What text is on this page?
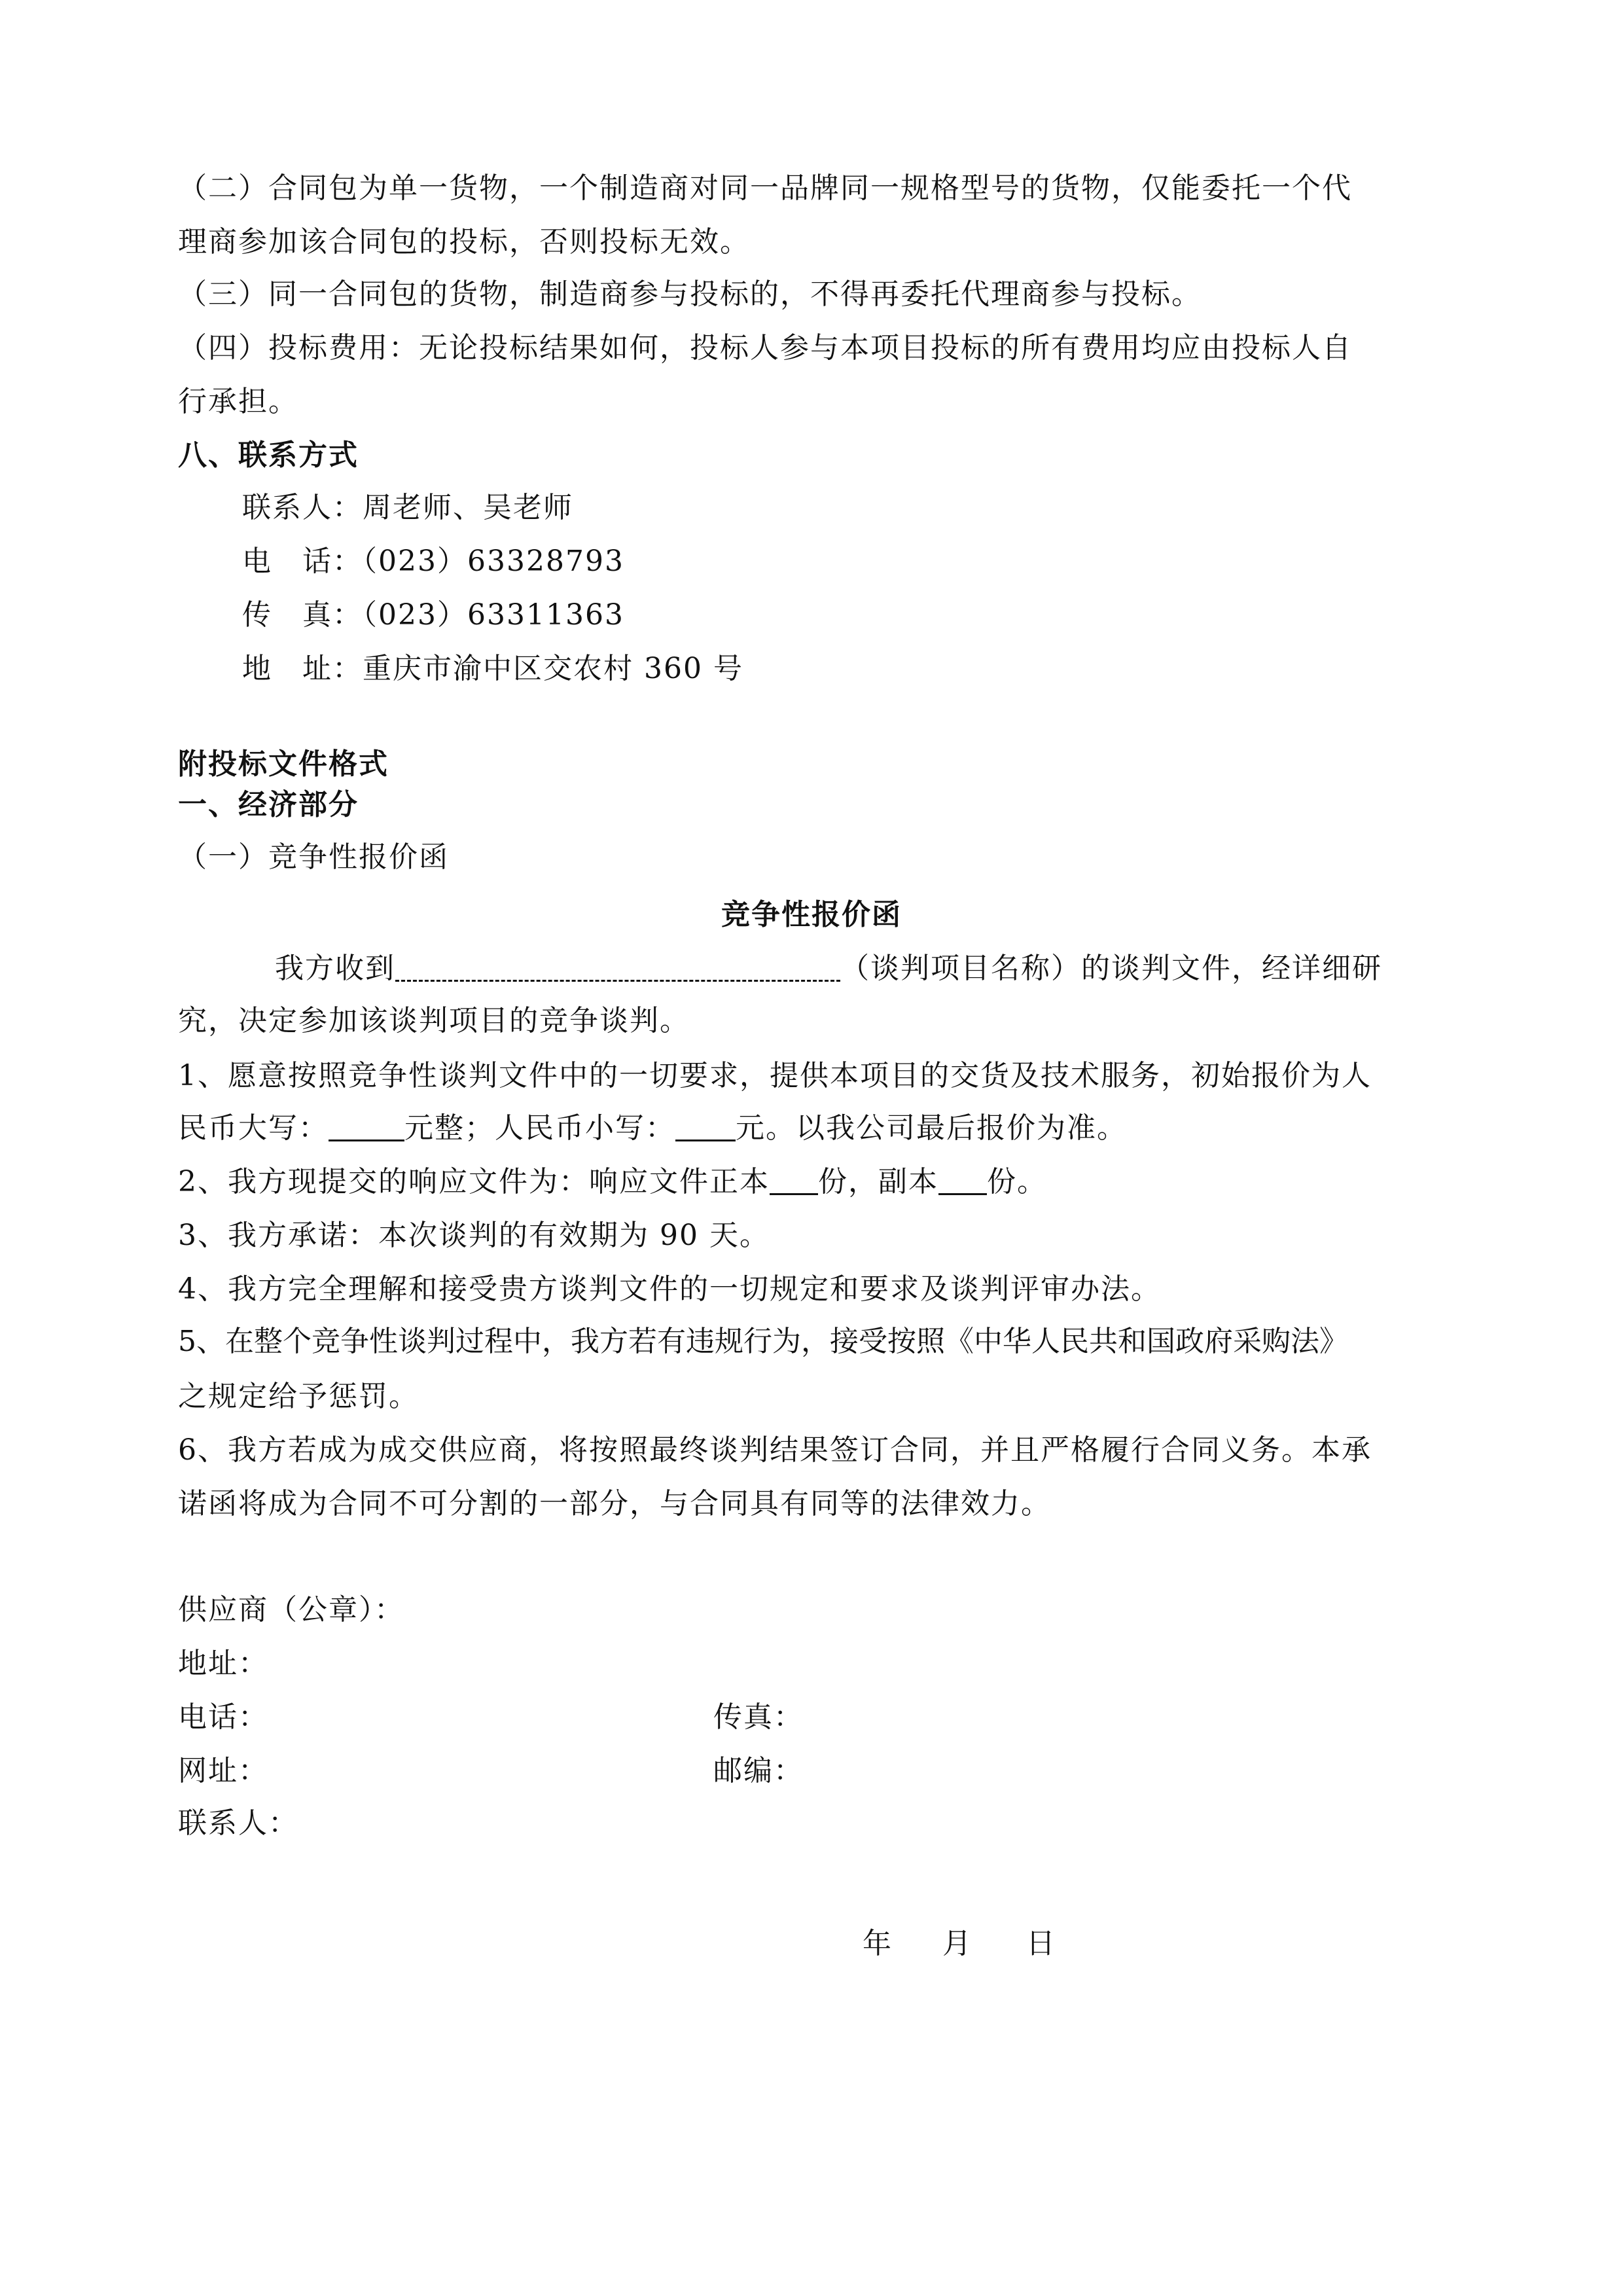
（二）合同包为单一货物，一个制造商对同一品牌同一规格型号的货物，仅能委托一个代
理商参加该合同包的投标，否则投标无效。
（三）同一合同包的货物，制造商参与投标的，不得再委托代理商参与投标。
（四）投标费用：无论投标结果如何，投标人参与本项目投标的所有费用均应由投标人自
行承担。
八、联系方式
联系人：周老师、吴老师
电　话：（023）63328793
传　真：（023）63311363
地　址：重庆市渝中区交农村 360 号
附投标文件格式
一、经济部分
（一）竞争性报价函
竞争性报价函
我方收到	（谈判项目名称）的谈判文件，经详细研
究，决定参加该谈判项目的竞争谈判。
1、愿意按照竞争性谈判文件中的一切要求，提供本项目的交货及技术服务，初始报价为人
民币大写：	元整；人民币小写： 元。以我公司最后报价为准。
2、我方现提交的响应文件为：响应文件正本 份，副本 份。
3、我方承诺：本次谈判的有效期为 90 天。
4、我方完全理解和接受贵方谈判文件的一切规定和要求及谈判评审办法。
5、在整个竞争性谈判过程中，我方若有违规行为，接受按照《中华人民共和国政府采购法》
之规定给予惩罚。
6、我方若成为成交供应商，将按照最终谈判结果签订合同，并且严格履行合同义务。本承
诺函将成为合同不可分割的一部分，与合同具有同等的法律效力。
供应商（公章）：
地址：
电话：	传真：
网址：	邮编：
联系人：
年 月 日
